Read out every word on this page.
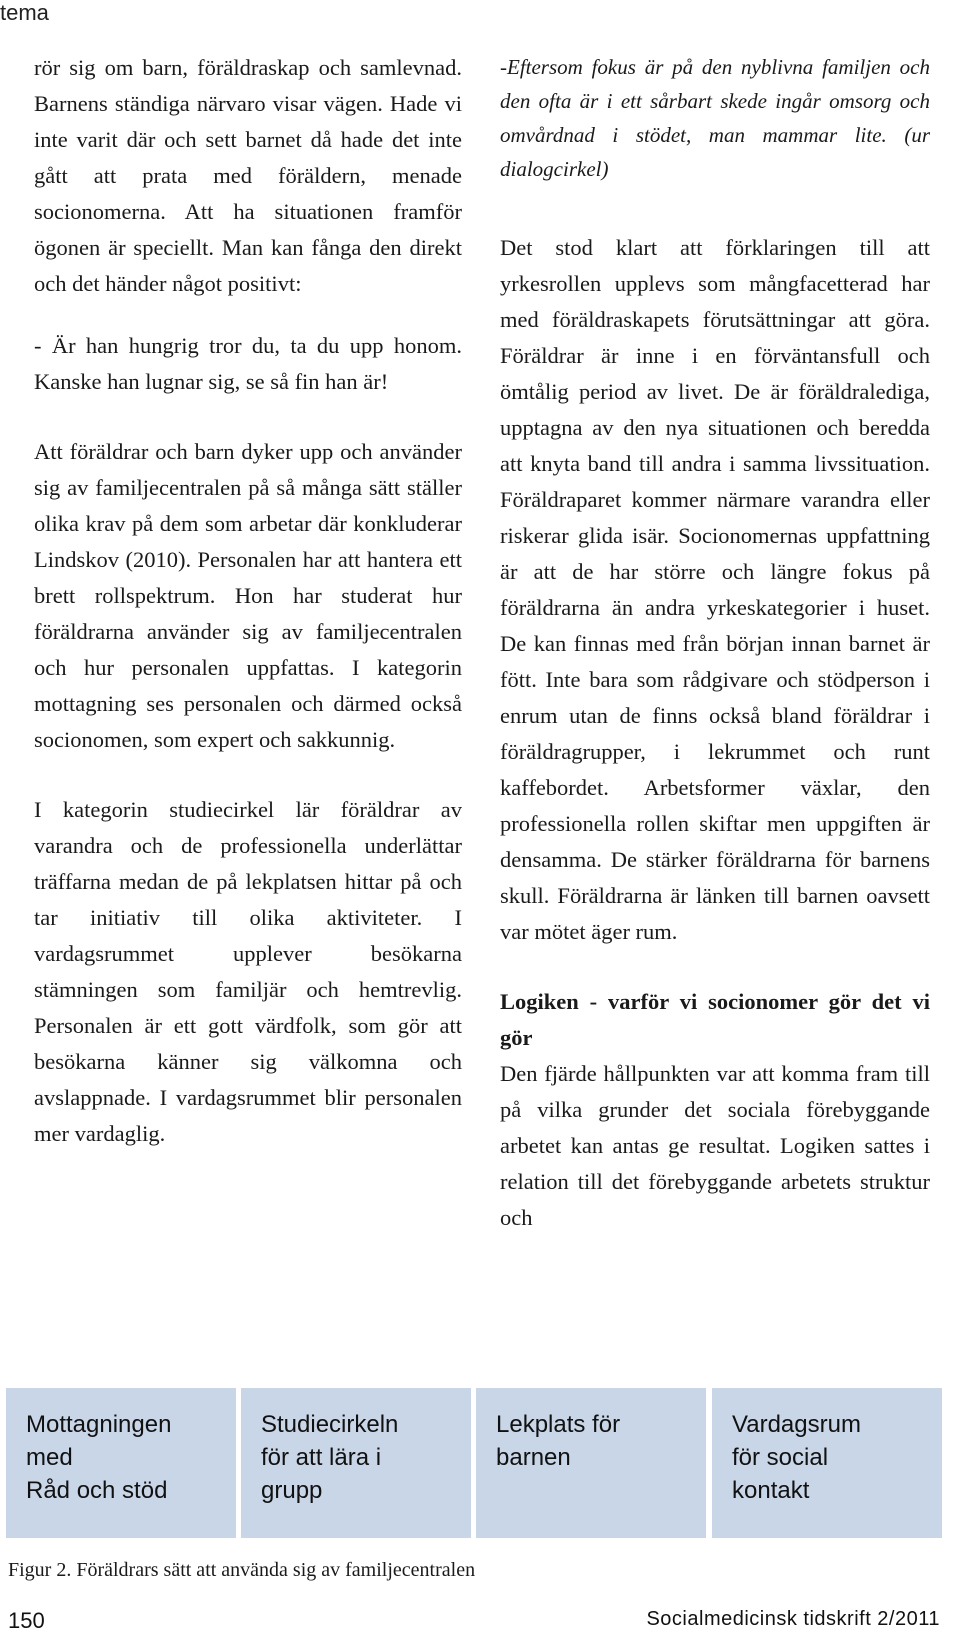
tema

rör sig om barn, föräldraskap och samlevnad. Barnens ständiga närvaro visar vägen. Hade vi inte varit där och sett barnet då hade det inte gått att prata med föräldern, menade socionomerna. Att ha situationen framför ögonen är speciellt. Man kan fånga den direkt och det händer något positivt:

- Är han hungrig tror du, ta du upp honom. Kanske han lugnar sig, se så fin han är!

Att föräldrar och barn dyker upp och använder sig av familjecentralen på så många sätt ställer olika krav på dem som arbetar där konkluderar Lindskov (2010). Personalen har att hantera ett brett rollspektrum. Hon har studerat hur föräldrarna använder sig av familjecentralen och hur personalen uppfattas. I kategorin mottagning ses personalen och därmed också socionomen, som expert och sakkunnig.

I kategorin studiecirkel lär föräldrar av varandra och de professionella underlättar träffarna medan de på lekplatsen hittar på och tar initiativ till olika aktiviteter. I vardagsrummet upplever besökarna stämningen som familjär och hemtrevlig. Personalen är ett gott värdfolk, som gör att besökarna känner sig välkomna och avslappnade. I vardagsrummet blir personalen mer vardaglig.

-Eftersom fokus är på den nyblivna familjen och den ofta är i ett sårbart skede ingår omsorg och omvårdnad i stödet, man mammar lite. (ur dialogcirkel)

Det stod klart att förklaringen till att yrkesrollen upplevs som mångfacetterad har med föräldraskapets förutsättningar att göra. Föräldrar är inne i en förväntansfull och ömtålig period av livet. De är föräldralediga, upptagna av den nya situationen och beredda att knyta band till andra i samma livssituation. Föräldraparet kommer närmare varandra eller riskerar glida isär. Socionomernas uppfattning är att de har större och längre fokus på föräldrarna än andra yrkeskategorier i huset. De kan finnas med från början innan barnet är fött. Inte bara som rådgivare och stödperson i enrum utan de finns också bland föräldrar i föräldragrupper, i lekrummet och runt kaffebordet. Arbetsformer växlar, den professionella rollen skiftar men uppgiften är densamma. De stärker föräldrarna för barnens skull. Föräldrarna är länken till barnen oavsett var mötet äger rum.

Logiken - varför vi socionomer gör det vi gör

Den fjärde hållpunkten var att komma fram till på vilka grunder det sociala förebyggande arbetet kan antas ge resultat. Logiken sattes i relation till det förebyggande arbetets struktur och

Mottagningen
med
Råd och stöd
Studiecirkeln
för att lära i
grupp
Lekplats för
barnen
Vardagsrum
för social
kontakt
Figur 2. Föräldrars sätt att använda sig av familjecentralen
150	Socialmedicinsk tidskrift 2/2011
